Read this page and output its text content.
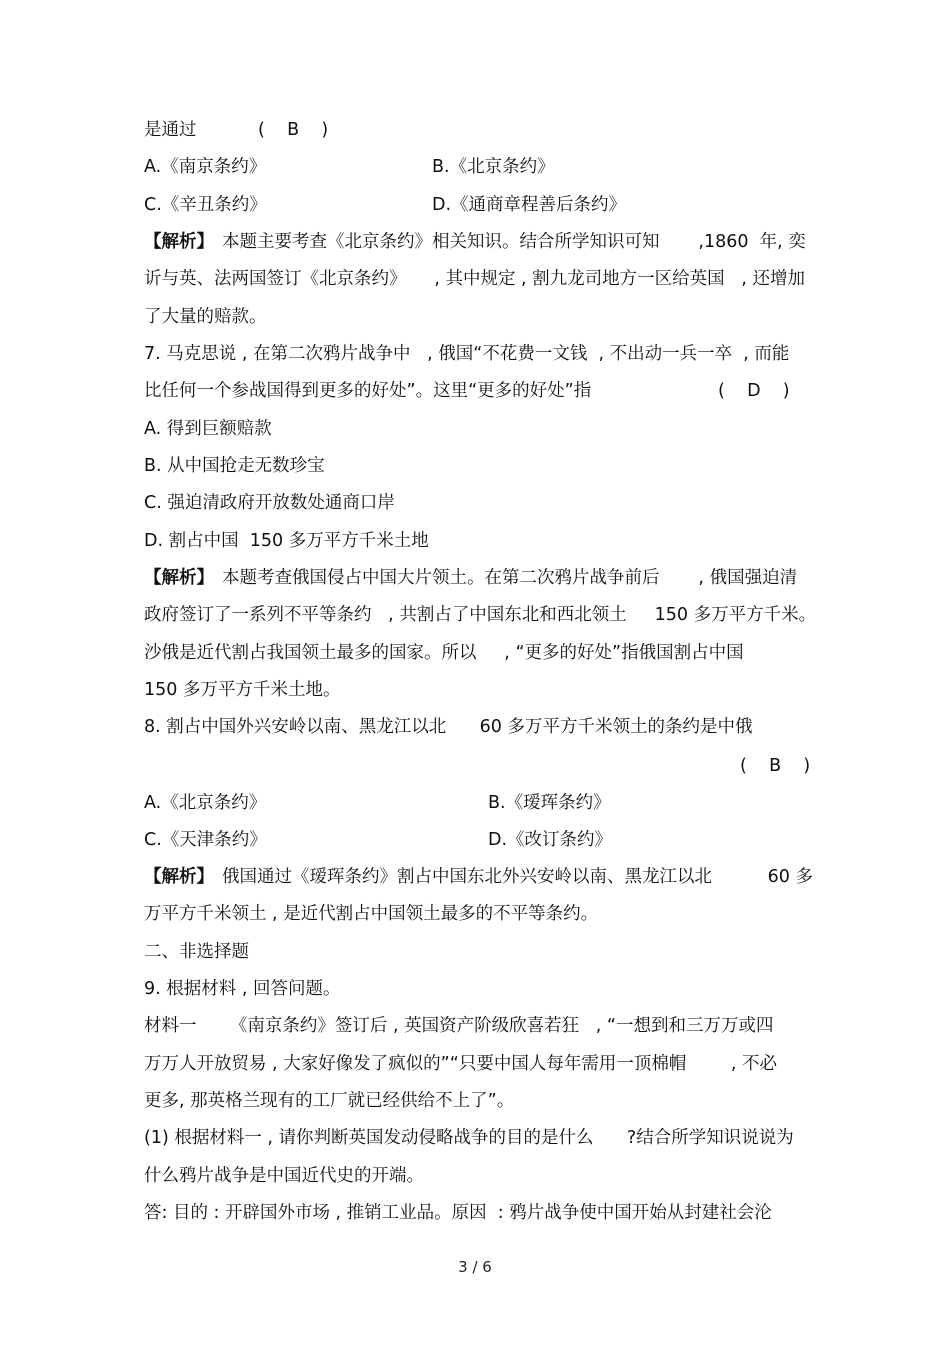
是通过	(    B    )
A.《南京条约》	B.《北京条约》
C.《辛丑条约》	D.《通商章程善后条约》
【解析】 本题主要考查《北京条约》相关知识。结合所学知识可知       ,1860  年, 奕
䜣与英、法两国签订《北京条约》     , 其中规定 , 割九龙司地方一区给英国   , 还增加
了大量的赔款。
7. 马克思说 , 在第二次鸦片战争中   , 俄国“不花费一文钱  , 不出动一兵一卒  , 而能
比任何一个参战国得到更多的好处”。这里“更多的好处”指	(    D    )
A. 得到巨额赔款
B. 从中国抢走无数珍宝
C. 强迫清政府开放数处通商口岸
D. 割占中国  150 多万平方千米土地
【解析】 本题考查俄国侵占中国大片领土。在第二次鸦片战争前后       , 俄国强迫清
政府签订了一系列不平等条约   , 共割占了中国东北和西北领土     150 多万平方千米。
沙俄是近代割占我国领土最多的国家。所以     , “更多的好处”指俄国割占中国
150 多万平方千米土地。
8. 割占中国外兴安岭以南、黑龙江以北      60 多万平方千米领土的条约是中俄
(    B    )
A.《北京条约》	B.《瑷珲条约》
C.《天津条约》	D.《改订条约》
【解析】 俄国通过《瑷珲条约》割占中国东北外兴安岭以南、黑龙江以北          60 多
万平方千米领土 , 是近代割占中国领土最多的不平等条约。
二、非选择题
9. 根据材料 , 回答问题。
材料一      《南京条约》签订后 , 英国资产阶级欣喜若狂   , “一想到和三万万或四
万万人开放贸易 , 大家好像发了疯似的”“只要中国人每年需用一顶棉帽        , 不必
更多, 那英格兰现有的工厂就已经供给不上了”。
(1) 根据材料一 , 请你判断英国发动侵略战争的目的是什么      ?结合所学知识说说为
什么鸦片战争是中国近代史的开端。
答: 目的 : 开辟国外市场 , 推销工业品。原因  : 鸦片战争使中国开始从封建社会沦
3 / 6
